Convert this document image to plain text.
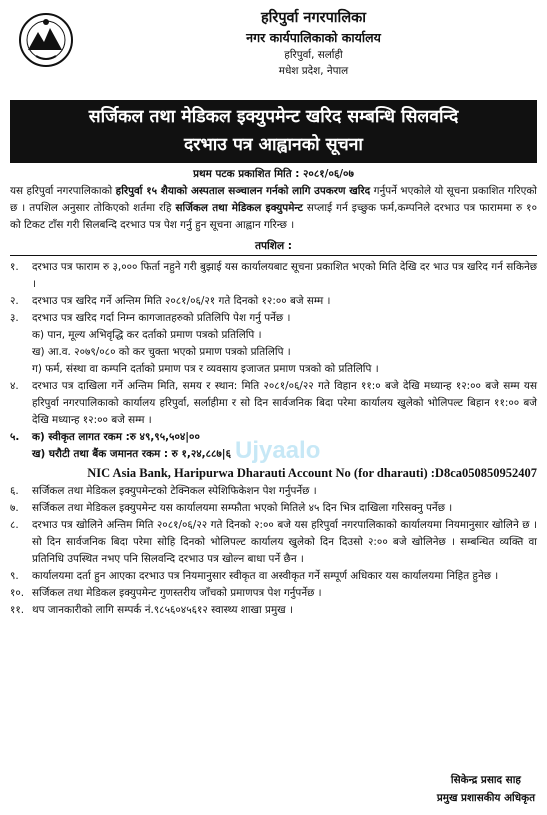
हरिपुर्वा नगरपालिका
नगर कार्यपालिकाको कार्यालय
हरिपुर्वा, सर्लाही
मधेश प्रदेश, नेपाल
सर्जिकल तथा मेडिकल इक्युपमेन्ट खरिद सम्बन्धि सिलवन्दि
दरभाउ पत्र आह्वानको सूचना
प्रथम पटक प्रकाशित मिति : २०८१/०६/०७

यस हरिपुर्वा नगरपालिकाको हरिपुर्वा १५ शैयाको अस्पताल सञ्चालन गर्नको लागि उपकरण खरिद गर्नुपर्ने भएकोले यो सूचना प्रकाशित गरिएको छ । तपशिल अनुसार तोकिएको शर्तमा रहि सर्जिकल तथा मेडिकल इक्युपमेन्ट सप्लाई गर्न इच्छुक फर्म,कम्पनिले दरभाउ पत्र फाराममा रु १० को टिकट टाँस गरी सिलबन्दि दरभाउ पत्र पेश गर्नु हुन सूचना आह्वान गरिन्छ ।

तपशिल :
१.	दरभाउ पत्र फाराम रु ३,००० फिर्ता नहुने गरी बुझाई यस कार्यालयबाट सूचना प्रकाशित भएको मिति देखि दर भाउ पत्र खरिद गर्न सकिनेछ ।
२.	दरभाउ पत्र खरिद गर्ने अन्तिम मिति २०८१/०६/२१ गते दिनको १२:०० बजे सम्म ।
३.	दरभाउ पत्र खरिद गर्दा निम्न कागजातहरुको प्रतिलिपि पेश गर्नु पर्नेछ ।
क) पान, मूल्य अभिवृद्धि कर दर्ताको प्रमाण पत्रको प्रतिलिपि ।
ख) आ.व. २०७९/०८० को कर चुक्ता भएको प्रमाण पत्रको प्रतिलिपि ।
ग) फर्म, संस्था वा कम्पनि दर्ताको प्रमाण पत्र र व्यवसाय इजाजत प्रमाण पत्रको को प्रतिलिपि ।
४.	दरभाउ पत्र दाखिला गर्ने अन्तिम मिति, समय र स्थान: मिति २०८१/०६/२२ गते विहान ११:० बजे देखि मध्यान्ह १२:०० बजे सम्म यस हरिपुर्वा नगरपालिकाको कार्यालय हरिपुर्वा, सर्लाहीमा र सो दिन सार्वजनिक बिदा परेमा कार्यालय खुलेको भोलिपल्ट बिहान ११:०० बजे देखि मध्यान्ह १२:०० बजे सम्म ।
५.	क) स्वीकृत लागत रकम :रु ४९,९५,५०४|००
ख) घरौटी तथा बैंक जमानत रकम : रु १,२४,८८७|६
NIC Asia Bank, Haripurwa Dharauti Account No (for dharauti) :D8ca050850952407
६.	सर्जिकल तथा मेडिकल इक्युपमेन्टको टेक्निकल स्पेशिफिकेशन पेश गर्नुपर्नेछ ।
७.	सर्जिकल तथा मेडिकल इक्युपमेन्ट यस कार्यालयमा सम्फौता भएको मितिले ४५ दिन भित्र दाखिला गरिसक्नु पर्नेछ ।
८.	दरभाउ पत्र खोलिने अन्तिम मिति २०८१/०६/२२ गते दिनको २:०० बजे यस हरिपुर्वा नगरपालिकाको कार्यालयमा नियमानुसार खोलिने छ । सो दिन सार्वजनिक बिदा परेमा सोहि दिनको भोलिपल्ट कार्यालय खुलेको दिन दिउसो २:०० बजे खोलिनेछ । सम्बन्धित व्यक्ति वा प्रतिनिधि उपस्थित नभए पनि सिलवन्दि दरभाउ पत्र खोल्न बाधा पर्ने छैन ।
९.	कार्यालयमा दर्ता हुन आएका दरभाउ पत्र नियमानुसार स्वीकृत वा अस्वीकृत गर्ने सम्पूर्ण अधिकार यस कार्यालयमा निहित हुनेछ ।
१०. सर्जिकल तथा मेडिकल इक्युपमेन्ट गुणस्तरीय जाँचको प्रमाणपत्र पेश गर्नुपर्नेछ ।
११. थप जानकारीको लागि सम्पर्क नं.९८५६०४५६१२ स्वास्थ्य शाखा प्रमुख ।
Ujyaalo
सिकेन्द्र प्रसाद साह
प्रमुख प्रशासकीय अधिकृत
